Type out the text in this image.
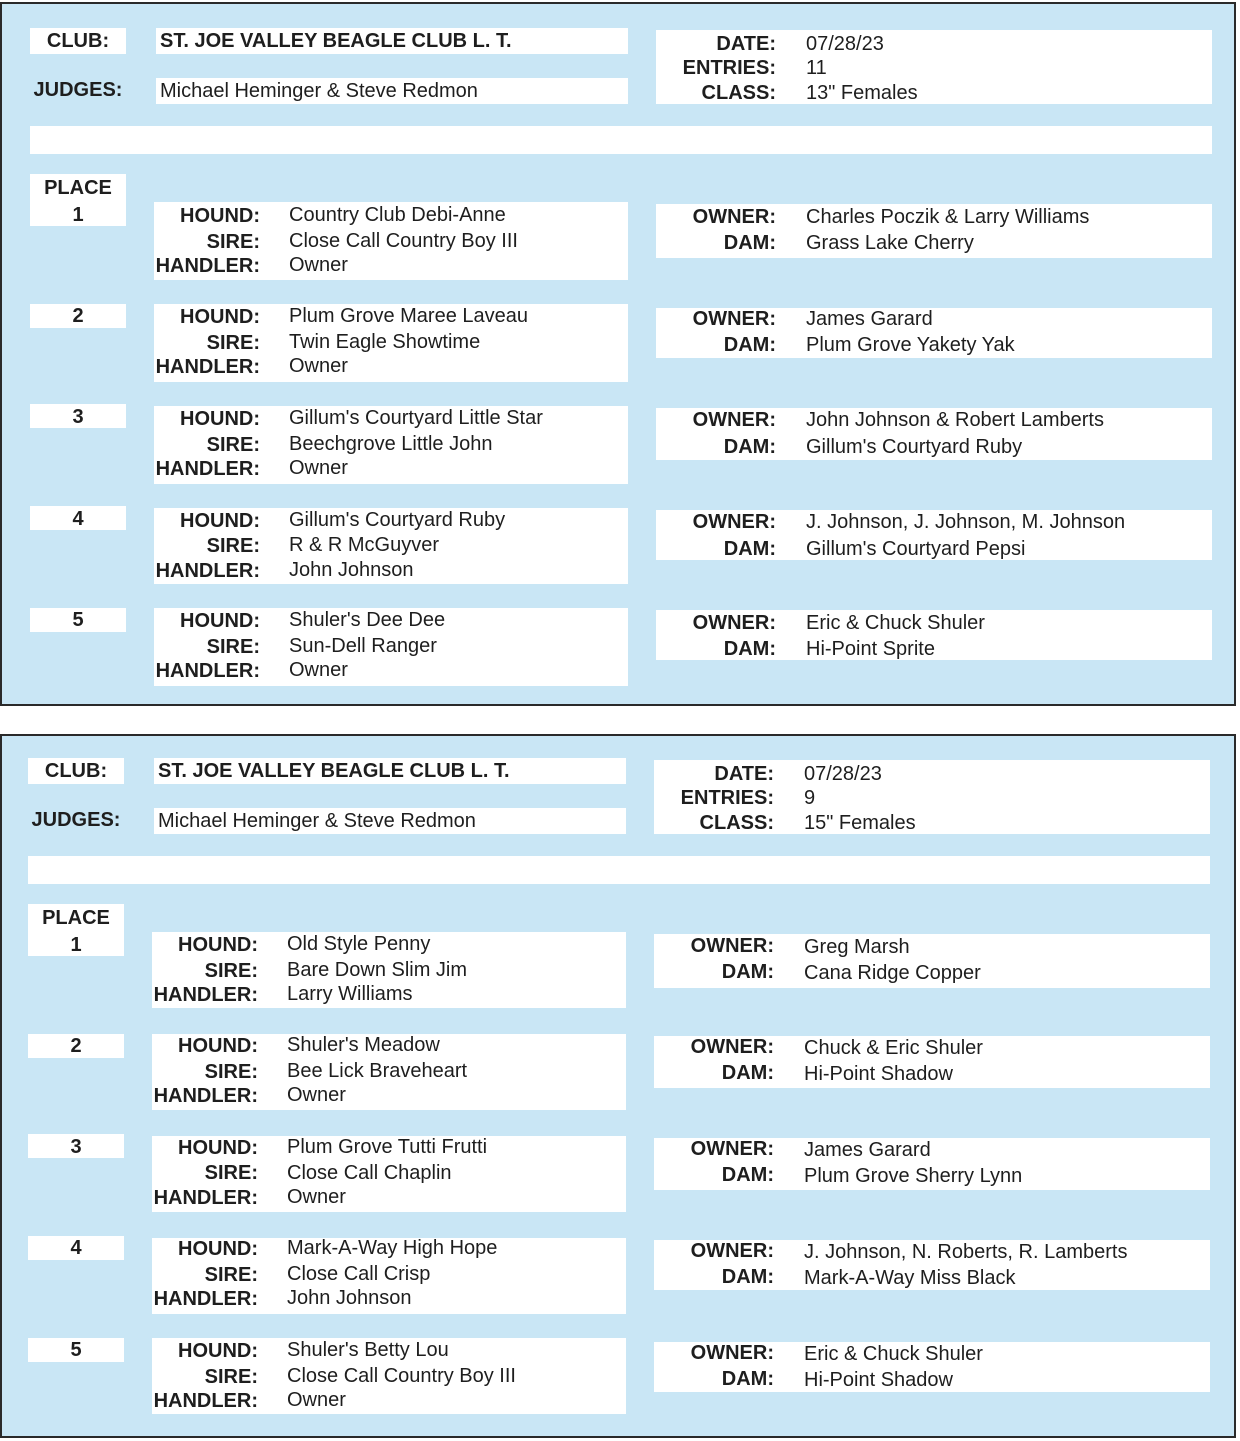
CLUB:	ST. JOE VALLEY BEAGLE CLUB L. T.
JUDGES: Michael Heminger & Steve Redmon
DATE: 07/28/23
ENTRIES: 11
CLASS: 13" Females
PLACE
1	HOUND: Country Club Debi-Anne
SIRE: Close Call Country Boy III
HANDLER: Owner
OWNER: Charles Poczik & Larry Williams
DAM: Grass Lake Cherry
2	HOUND: Plum Grove Maree Laveau
SIRE: Twin Eagle Showtime
HANDLER: Owner
OWNER: James Garard
DAM: Plum Grove Yakety Yak
3	HOUND: Gillum's Courtyard Little Star
SIRE: Beechgrove Little John
HANDLER: Owner
OWNER: John Johnson & Robert Lamberts
DAM: Gillum's Courtyard Ruby
4	HOUND: Gillum's Courtyard Ruby
SIRE: R & R McGuyver
HANDLER: John Johnson
OWNER: J. Johnson, J. Johnson, M. Johnson
DAM: Gillum's Courtyard Pepsi
5	HOUND: Shuler's Dee Dee
SIRE: Sun-Dell Ranger
HANDLER: Owner
OWNER: Eric & Chuck Shuler
DAM: Hi-Point Sprite
CLUB:	ST. JOE VALLEY BEAGLE CLUB L. T.
JUDGES: Michael Heminger & Steve Redmon
DATE: 07/28/23
ENTRIES: 9
CLASS: 15" Females
PLACE
1	HOUND: Old Style Penny
SIRE: Bare Down Slim Jim
HANDLER: Larry Williams
OWNER: Greg Marsh
DAM: Cana Ridge Copper
2	HOUND: Shuler's Meadow
SIRE: Bee Lick Braveheart
HANDLER: Owner
OWNER: Chuck & Eric Shuler
DAM: Hi-Point Shadow
3	HOUND: Plum Grove Tutti Frutti
SIRE: Close Call Chaplin
HANDLER: Owner
OWNER: James Garard
DAM: Plum Grove Sherry Lynn
4	HOUND: Mark-A-Way High Hope
SIRE: Close Call Crisp
HANDLER: John Johnson
OWNER: J. Johnson, N. Roberts, R. Lamberts
DAM: Mark-A-Way Miss Black
5	HOUND: Shuler's Betty Lou
SIRE: Close Call Country Boy III
HANDLER: Owner
OWNER: Eric & Chuck Shuler
DAM: Hi-Point Shadow
